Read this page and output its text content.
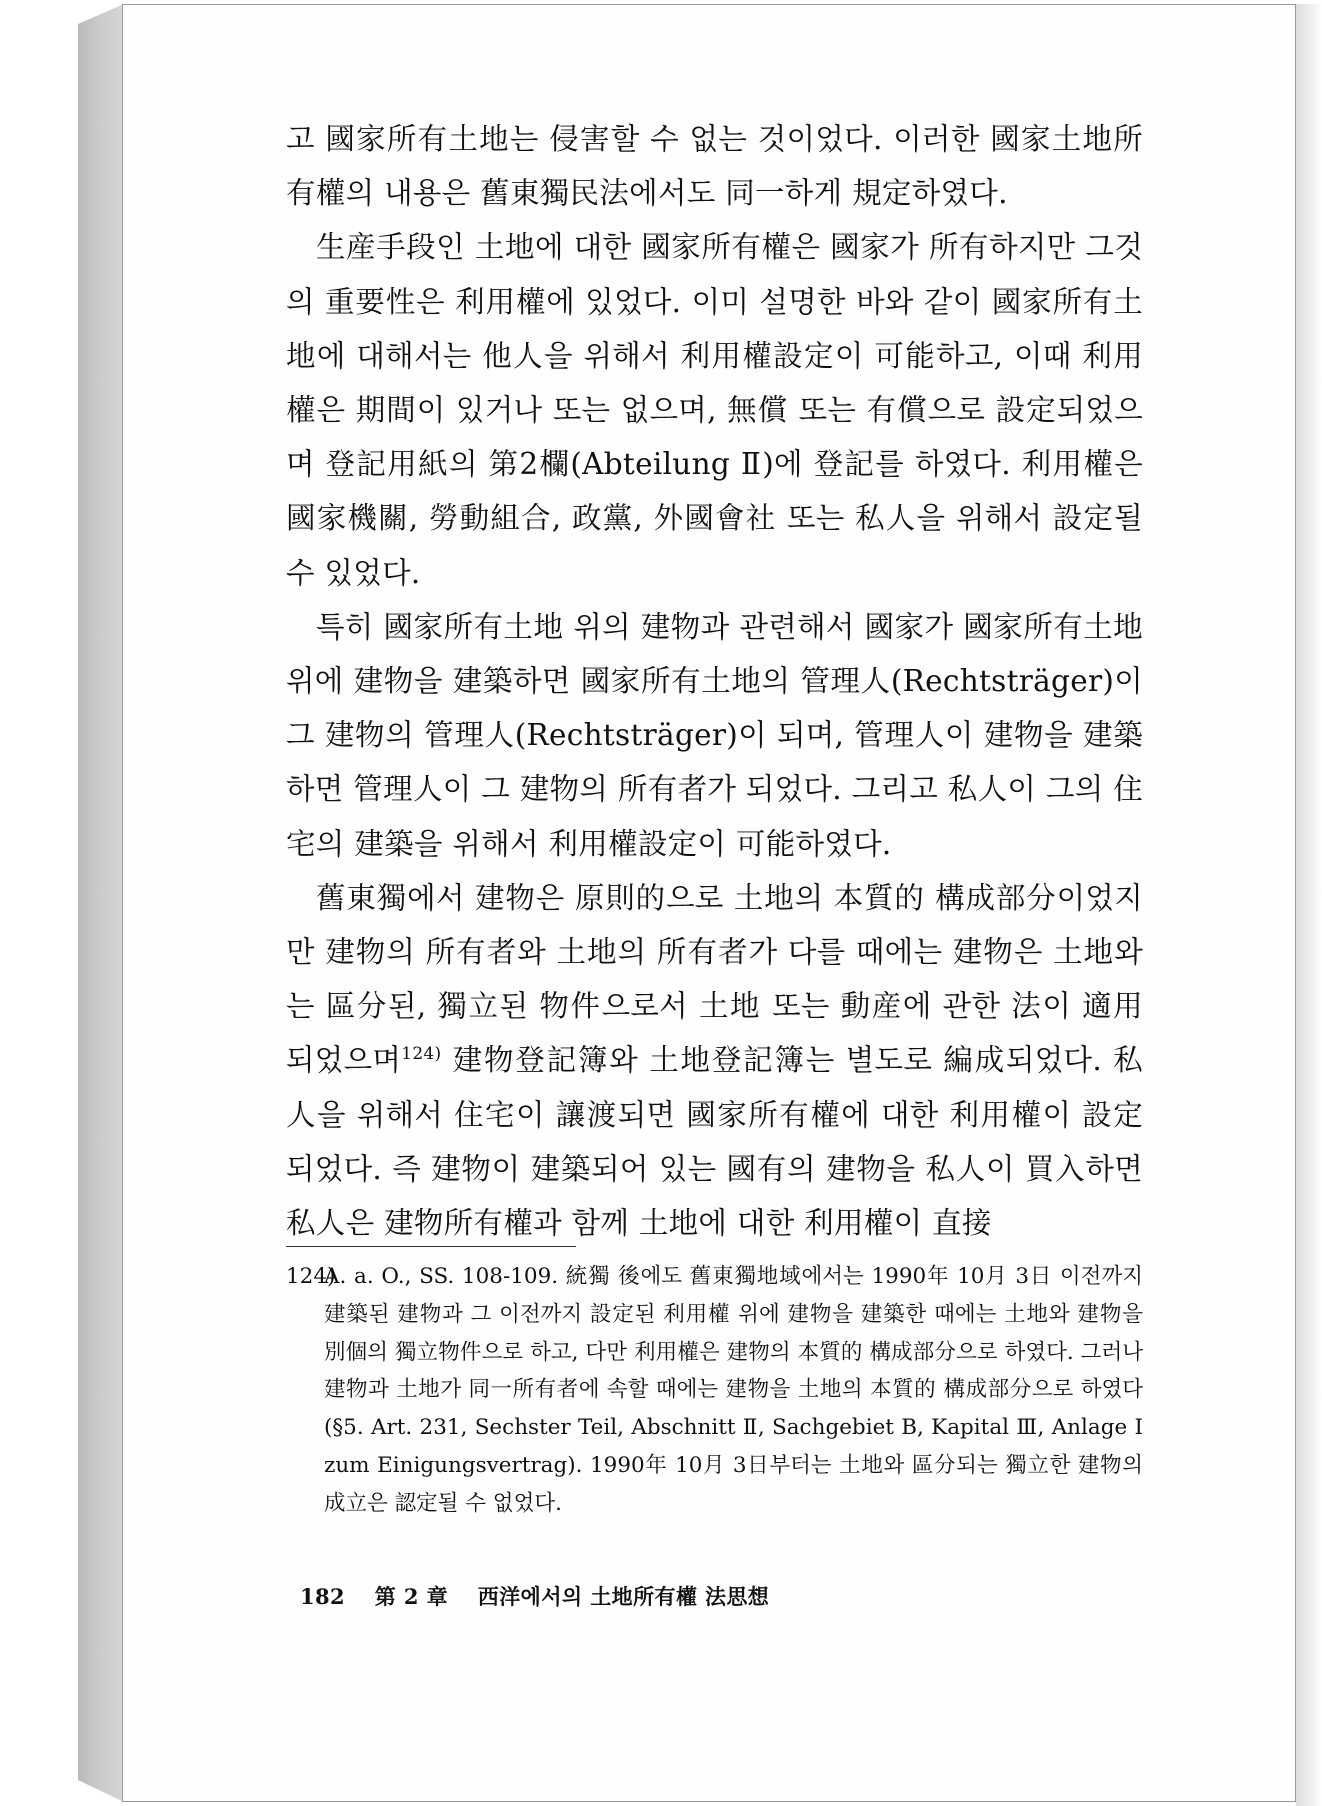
고 國家所有土地는 侵害할 수 없는 것이었다. 이러한 國家土地所有權의 내용은 舊東獨民法에서도 同一하게 規定하였다.

生産手段인 土地에 대한 國家所有權은 國家가 所有하지만 그것의 重要性은 利用權에 있었다. 이미 설명한 바와 같이 國家所有土地에 대해서는 他人을 위해서 利用權設定이 可能하고, 이때 利用權은 期間이 있거나 또는 없으며, 無償 또는 有償으로 設定되었으며 登記用紙의 第2欄(Abteilung Ⅱ)에 登記를 하였다. 利用權은 國家機關, 勞動組合, 政黨, 外國會社 또는 私人을 위해서 設定될 수 있었다.

특히 國家所有土地 위의 建物과 관련해서 國家가 國家所有土地 위에 建物을 建築하면 國家所有土地의 管理人(Rechtsträger)이 그 建物의 管理人(Rechtsträger)이 되며, 管理人이 建物을 建築하면 管理人이 그 建物의 所有者가 되었다. 그리고 私人이 그의 住宅의 建築을 위해서 利用權設定이 可能하였다.

舊東獨에서 建物은 原則的으로 土地의 本質的 構成部分이었지만 建物의 所有者와 土地의 所有者가 다를 때에는 建物은 土地와는 區分된, 獨立된 物件으로서 土地 또는 動産에 관한 法이 適用되었으며$^{124)}$ 建物登記簿와 土地登記簿는 별도로 編成되었다. 私人을 위해서 住宅이 讓渡되면 國家所有權에 대한 利用權이 設定되었다. 즉 建物이 建築되어 있는 國有의 建物을 私人이 買入하면 私人은 建物所有權과 함께 土地에 대한 利用權이 直接

124)
A. a. O., SS. 108-109. 統獨 後에도 舊東獨地域에서는 1990年 10月 3日 이전까지 建築된 建物과 그 이전까지 設定된 利用權 위에 建物을 建築한 때에는 土地와 建物을 別個의 獨立物件으로 하고, 다만 利用權은 建物의 本質的 構成部分으로 하였다. 그러나 建物과 土地가 同一所有者에 속할 때에는 建物을 土地의 本質的 構成部分으로 하였다(§5. Art. 231, Sechster Teil, Abschnitt Ⅱ, Sachgebiet B, Kapital Ⅲ, Anlage Ⅰ zum Einigungsvertrag). 1990年 10月 3日부터는 土地와 區分되는 獨立한 建物의 成立은 認定될 수 없었다.
182 第 2 章 西洋에서의 土地所有權 法思想
